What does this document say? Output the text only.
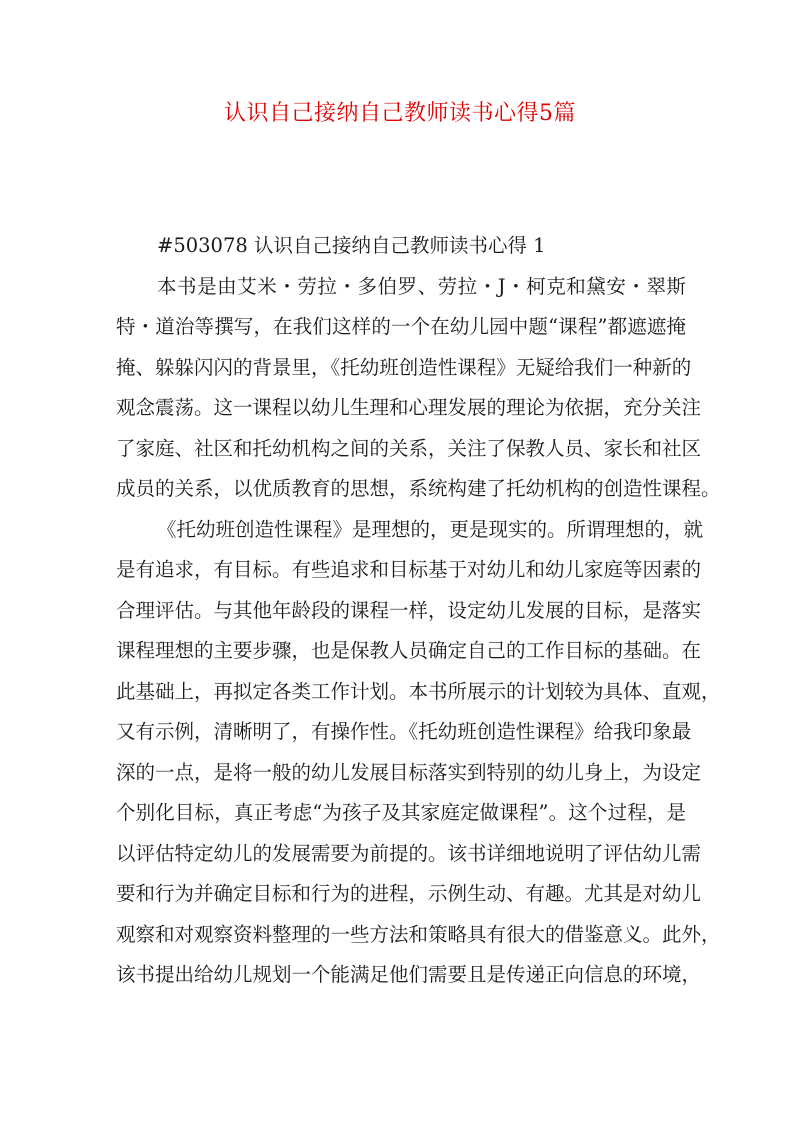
认识自己接纳自己教师读书心得5篇
#503078 认识自己接纳自己教师读书心得 1
本书是由艾米・劳拉・多伯罗、劳拉・J・柯克和黛安・翠斯
特・道治等撰写，在我们这样的一个在幼儿园中题“课程”都遮遮掩
掩、躲躲闪闪的背景里，《托幼班创造性课程》无疑给我们一种新的
观念震荡。这一课程以幼儿生理和心理发展的理论为依据，充分关注
了家庭、社区和托幼机构之间的关系，关注了保教人员、家长和社区
成员的关系，以优质教育的思想，系统构建了托幼机构的创造性课程。
《托幼班创造性课程》是理想的，更是现实的。所谓理想的，就
是有追求，有目标。有些追求和目标基于对幼儿和幼儿家庭等因素的
合理评估。与其他年龄段的课程一样，设定幼儿发展的目标，是落实
课程理想的主要步骤，也是保教人员确定自己的工作目标的基础。在
此基础上，再拟定各类工作计划。本书所展示的计划较为具体、直观，
又有示例，清晰明了，有操作性。《托幼班创造性课程》给我印象最
深的一点，是将一般的幼儿发展目标落实到特别的幼儿身上，为设定
个别化目标，真正考虑“为孩子及其家庭定做课程”。这个过程，是
以评估特定幼儿的发展需要为前提的。该书详细地说明了评估幼儿需
要和行为并确定目标和行为的进程，示例生动、有趣。尤其是对幼儿
观察和对观察资料整理的一些方法和策略具有很大的借鉴意义。此外，
该书提出给幼儿规划一个能满足他们需要且是传递正向信息的环境，
